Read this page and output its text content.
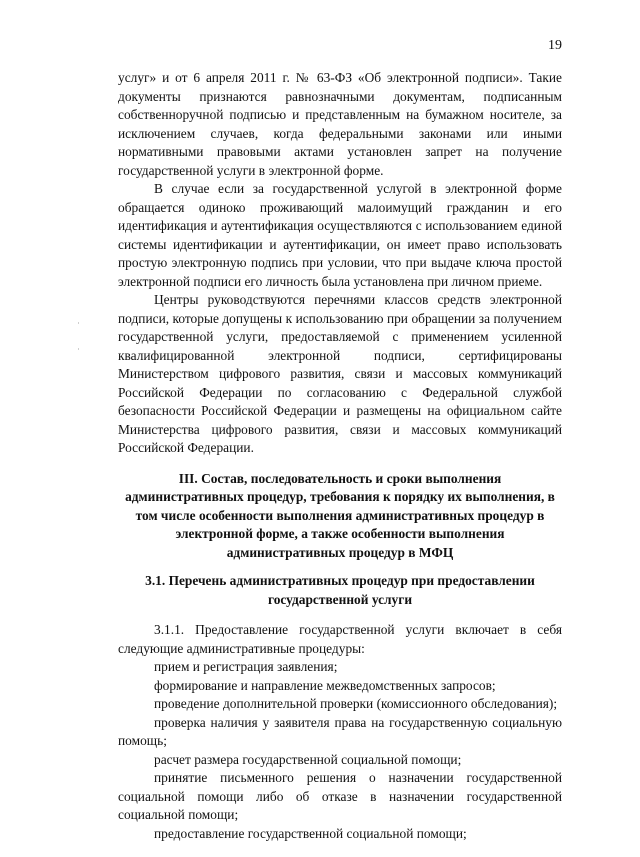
19

услуг» и от 6 апреля 2011 г. № 63-ФЗ «Об электронной подписи». Такие документы признаются равнозначными документам, подписанным собственноручной подписью и представленным на бумажном носителе, за исключением случаев, когда федеральными законами или иными нормативными правовыми актами установлен запрет на получение государственной услуги в электронной форме.

В случае если за государственной услугой в электронной форме обращается одиноко проживающий малоимущий гражданин и его идентификация и аутентификация осуществляются с использованием единой системы идентификации и аутентификации, он имеет право использовать простую электронную подпись при условии, что при выдаче ключа простой электронной подписи его личность была установлена при личном приеме.

Центры руководствуются перечнями классов средств электронной подписи, которые допущены к использованию при обращении за получением государственной услуги, предоставляемой с применением усиленной квалифицированной электронной подписи, сертифицированы Министерством цифрового развития, связи и массовых коммуникаций Российской Федерации по согласованию с Федеральной службой безопасности Российской Федерации и размещены на официальном сайте Министерства цифрового развития, связи и массовых коммуникаций Российской Федерации.

III. Состав, последовательность и сроки выполнения административных процедур, требования к порядку их выполнения, в том числе особенности выполнения административных процедур в электронной форме, а также особенности выполнения административных процедур в МФЦ

3.1. Перечень административных процедур при предоставлении государственной услуги

3.1.1. Предоставление государственной услуги включает в себя следующие административные процедуры:

прием и регистрация заявления;
формирование и направление межведомственных запросов;
проведение дополнительной проверки (комиссионного обследования);
проверка наличия у заявителя права на государственную социальную помощь;
расчет размера государственной социальной помощи;
принятие письменного решения о назначении государственной социальной помощи либо об отказе в назначении государственной социальной помощи;
предоставление государственной социальной помощи;
